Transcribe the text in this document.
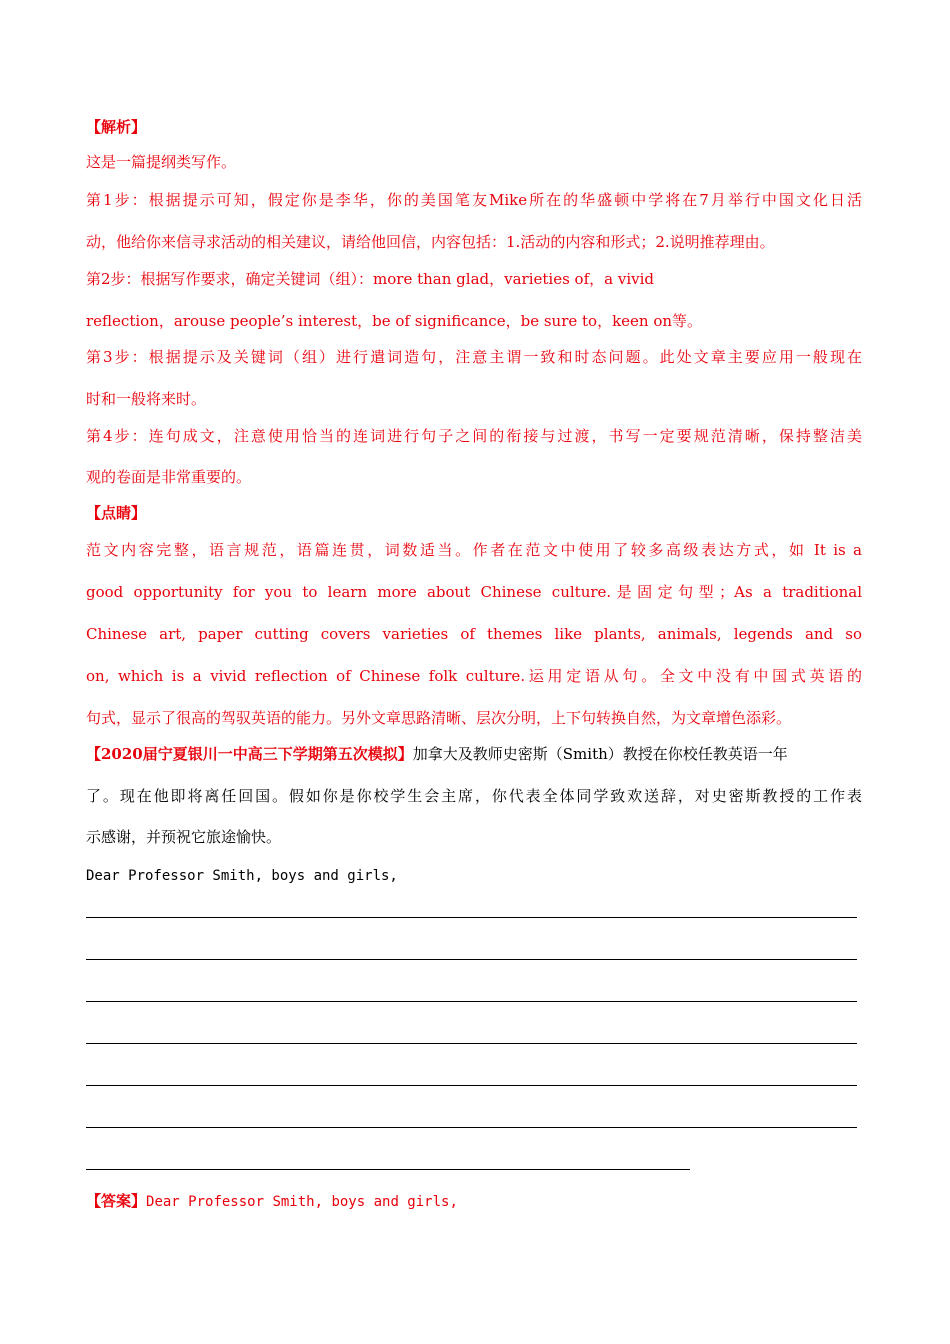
【解析】
这是一篇提纲类写作。
第1步：根据提示可知，假定你是李华，你的美国笔友Mike所在的华盛顿中学将在7月举行中国文化日活
动，他给你来信寻求活动的相关建议，请给他回信，内容包括：1.活动的内容和形式；2.说明推荐理由。
第2步：根据写作要求，确定关键词（组）：more than glad，varieties of，a vivid
reflection，arouse people’s interest，be of significance，be sure to，keen on等。
第3步：根据提示及关键词（组）进行遣词造句，注意主谓一致和时态问题。此处文章主要应用一般现在
时和一般将来时。
第4步：连句成文，注意使用恰当的连词进行句子之间的衔接与过渡，书写一定要规范清晰，保持整洁美
观的卷面是非常重要的。
【点睛】
范文内容完整，语言规范，语篇连贯，词数适当。作者在范文中使用了较多高级表达方式，如 It is a
good opportunity for you to learn more about Chinese culture.是固定句型；As a traditional
Chinese art, paper cutting covers varieties of themes like plants, animals, legends and so
on, which is a vivid reflection of Chinese folk culture.运用定语从句。全文中没有中国式英语的
句式，显示了很高的驾驭英语的能力。另外文章思路清晰、层次分明，上下句转换自然，为文章增色添彩。
【2020届宁夏银川一中高三下学期第五次模拟】加拿大及教师史密斯（Smith）教授在你校任教英语一年
了。现在他即将离任回国。假如你是你校学生会主席，你代表全体同学致欢送辞，对史密斯教授的工作表
示感谢，并预祝它旅途愉快。
Dear Professor Smith, boys and girls,
【答案】Dear Professor Smith, boys and girls,
